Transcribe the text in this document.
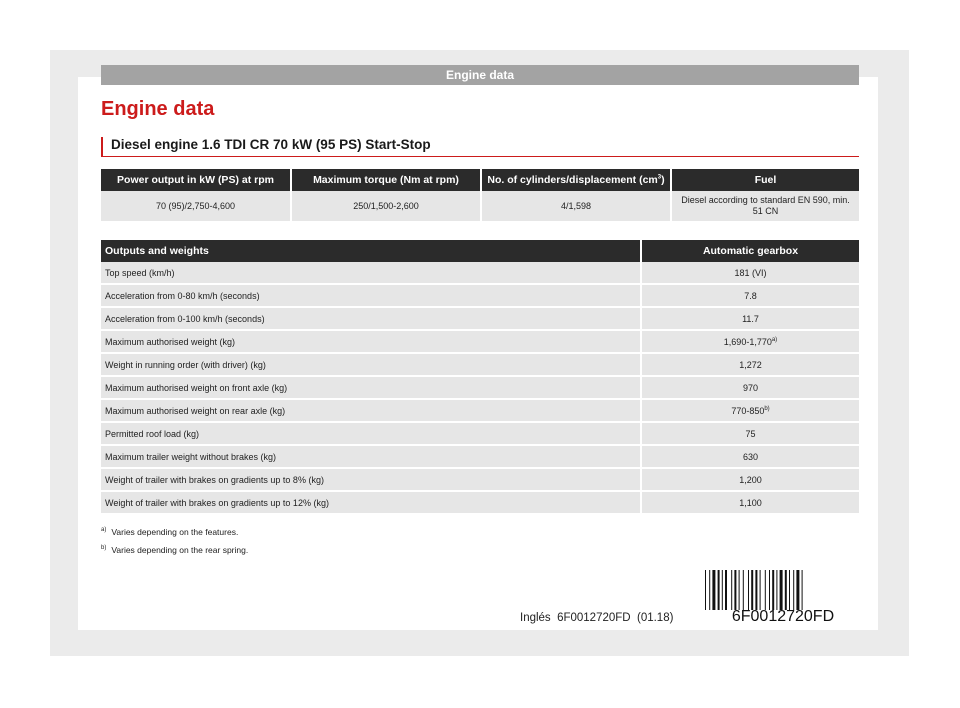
Engine data
Engine data
Diesel engine 1.6 TDI CR 70 kW (95 PS) Start-Stop
Power output in kW (PS) at rpm	Maximum torque (Nm at rpm)	No. of cylinders/displacement $(cm^3)$	Fuel
70 (95)/2,750-4,600	250/1,500-2,600	4/1,598	Diesel according to standard EN 590, min. 51 CN
Outputs and weights	Automatic gearbox
Top speed (km/h)	181 (VI)
Acceleration from 0-80 km/h (seconds)	7.8
Acceleration from 0-100 km/h (seconds)	11.7
Maximum authorised weight (kg)	1,690-1,770$^{a)}$
Weight in running order (with driver) (kg)	1,272
Maximum authorised weight on front axle (kg)	970
Maximum authorised weight on rear axle (kg)	770-850$^{b)}$
Permitted roof load (kg)	75
Maximum trailer weight without brakes (kg)	630
Weight of trailer with brakes on gradients up to 8% (kg)	1,200
Weight of trailer with brakes on gradients up to 12% (kg)	1,100
$^{a)}$ Varies depending on the features.
$^{b)}$ Varies depending on the rear spring.
Inglés  6F0012720FD  (01.18)	6F0012720FD
